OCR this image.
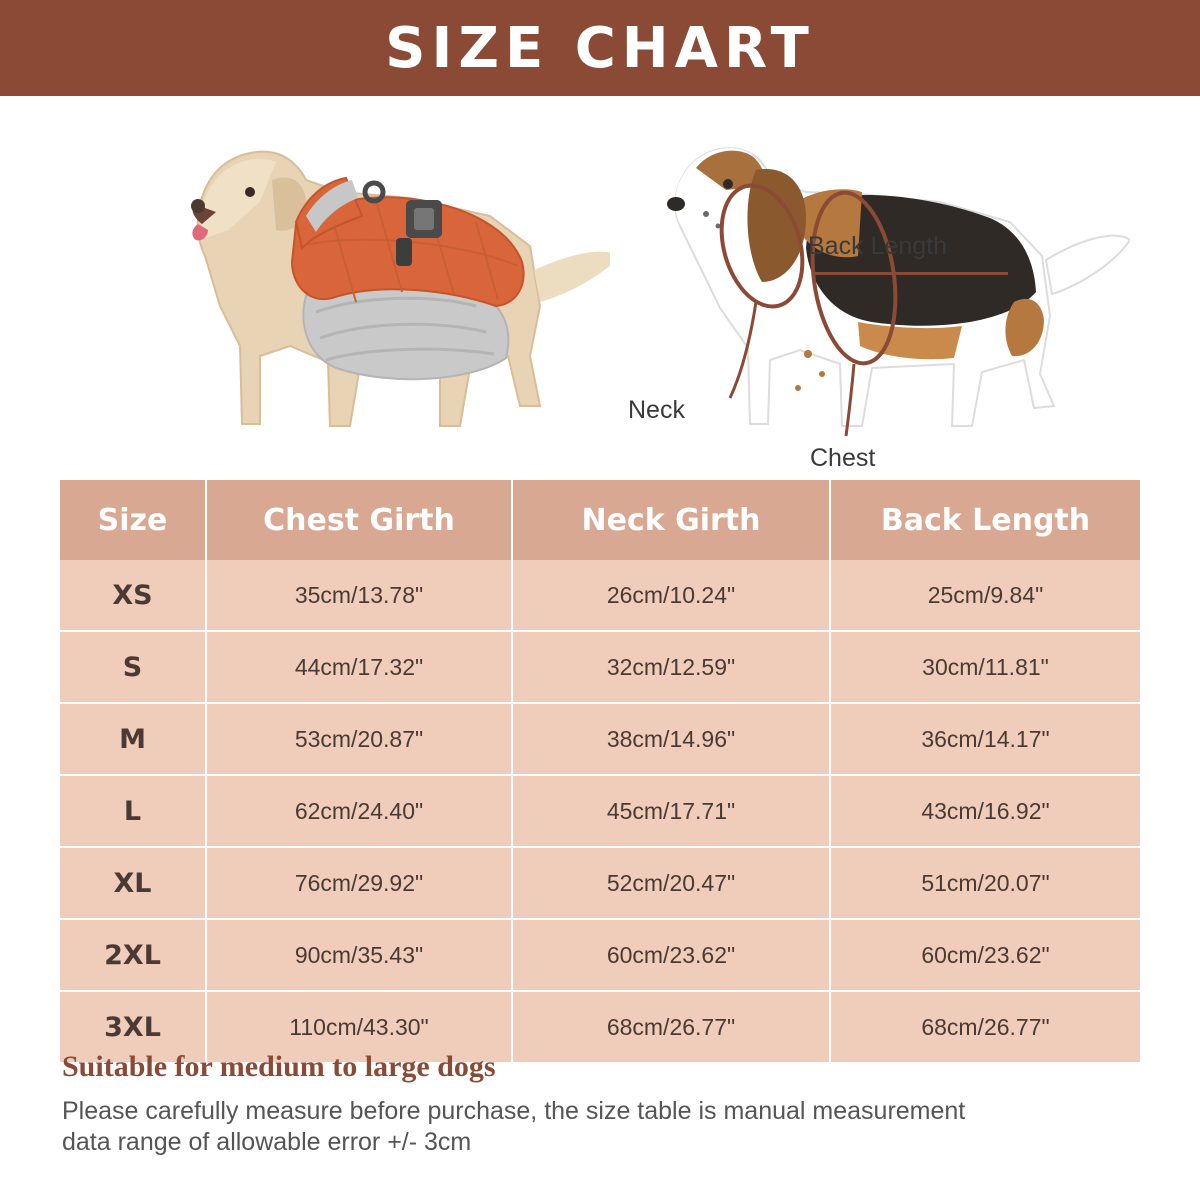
SIZE CHART
Back Length
Neck
Chest
Size	Chest Girth	Neck Girth	Back Length
XS	35cm/13.78"	26cm/10.24"	25cm/9.84"
S	44cm/17.32"	32cm/12.59"	30cm/11.81"
M	53cm/20.87"	38cm/14.96"	36cm/14.17"
L	62cm/24.40"	45cm/17.71"	43cm/16.92"
XL	76cm/29.92"	52cm/20.47"	51cm/20.07"
2XL	90cm/35.43"	60cm/23.62"	60cm/23.62"
3XL	110cm/43.30"	68cm/26.77"	68cm/26.77"
Suitable for medium to large dogs
Please carefully measure before purchase, the size table is manual measurement
data range of allowable error +/- 3cm
